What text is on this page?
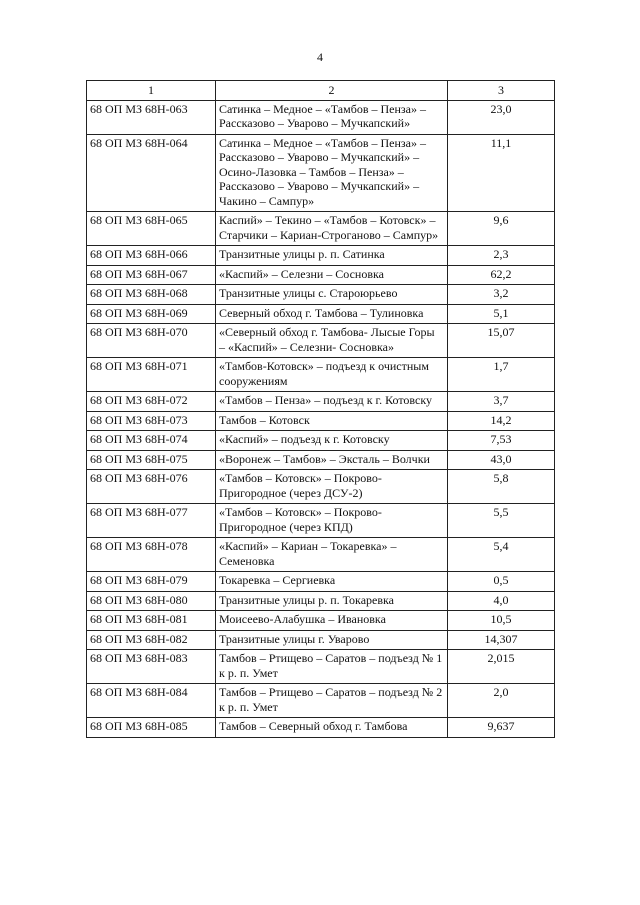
4
1	2	3
68 ОП МЗ 68Н-063	Сатинка – Медное – «Тамбов – Пенза» –
Рассказово – Уварово – Мучкапский»	23,0
68 ОП МЗ 68Н-064	Сатинка – Медное – «Тамбов – Пенза» –
Рассказово – Уварово – Мучкапский» –
Осино-Лазовка – Тамбов – Пенза» –
Рассказово – Уварово – Мучкапский» –
Чакино – Сампур»	11,1
68 ОП МЗ 68Н-065	Каспий» – Текино – «Тамбов – Котовск» –
Старчики – Кариан-Строганово – Сампур»	9,6
68 ОП МЗ 68Н-066	Транзитные улицы р. п. Сатинка	2,3
68 ОП МЗ 68Н-067	«Каспий» – Селезни – Сосновка	62,2
68 ОП МЗ 68Н-068	Транзитные улицы с. Староюрьево	3,2
68 ОП МЗ 68Н-069	Северный обход г. Тамбова – Тулиновка	5,1
68 ОП МЗ 68Н-070	«Северный обход г. Тамбова- Лысые Горы
– «Каспий» – Селезни- Сосновка»	15,07
68 ОП МЗ 68Н-071	«Тамбов-Котовск» – подъезд к очистным
сооружениям	1,7
68 ОП МЗ 68Н-072	«Тамбов – Пенза» – подъезд к г. Котовску	3,7
68 ОП МЗ 68Н-073	Тамбов – Котовск	14,2
68 ОП МЗ 68Н-074	«Каспий» – подъезд к г. Котовску	7,53
68 ОП МЗ 68Н-075	«Воронеж – Тамбов» – Эксталь – Волчки	43,0
68 ОП МЗ 68Н-076	«Тамбов – Котовск» – Покрово-
Пригородное (через ДСУ-2)	5,8
68 ОП МЗ 68Н-077	«Тамбов – Котовск» – Покрово-
Пригородное (через КПД)	5,5
68 ОП МЗ 68Н-078	«Каспий» – Кариан – Токаревка» –
Семеновка	5,4
68 ОП МЗ 68Н-079	Токаревка – Сергиевка	0,5
68 ОП МЗ 68Н-080	Транзитные улицы р. п. Токаревка	4,0
68 ОП МЗ 68Н-081	Моисеево-Алабушка – Ивановка	10,5
68 ОП МЗ 68Н-082	Транзитные улицы г. Уварово	14,307
68 ОП МЗ 68Н-083	Тамбов – Ртищево – Саратов – подъезд № 1
к р. п. Умет	2,015
68 ОП МЗ 68Н-084	Тамбов – Ртищево – Саратов – подъезд № 2
к р. п. Умет	2,0
68 ОП МЗ 68Н-085	Тамбов – Северный обход г. Тамбова	9,637
